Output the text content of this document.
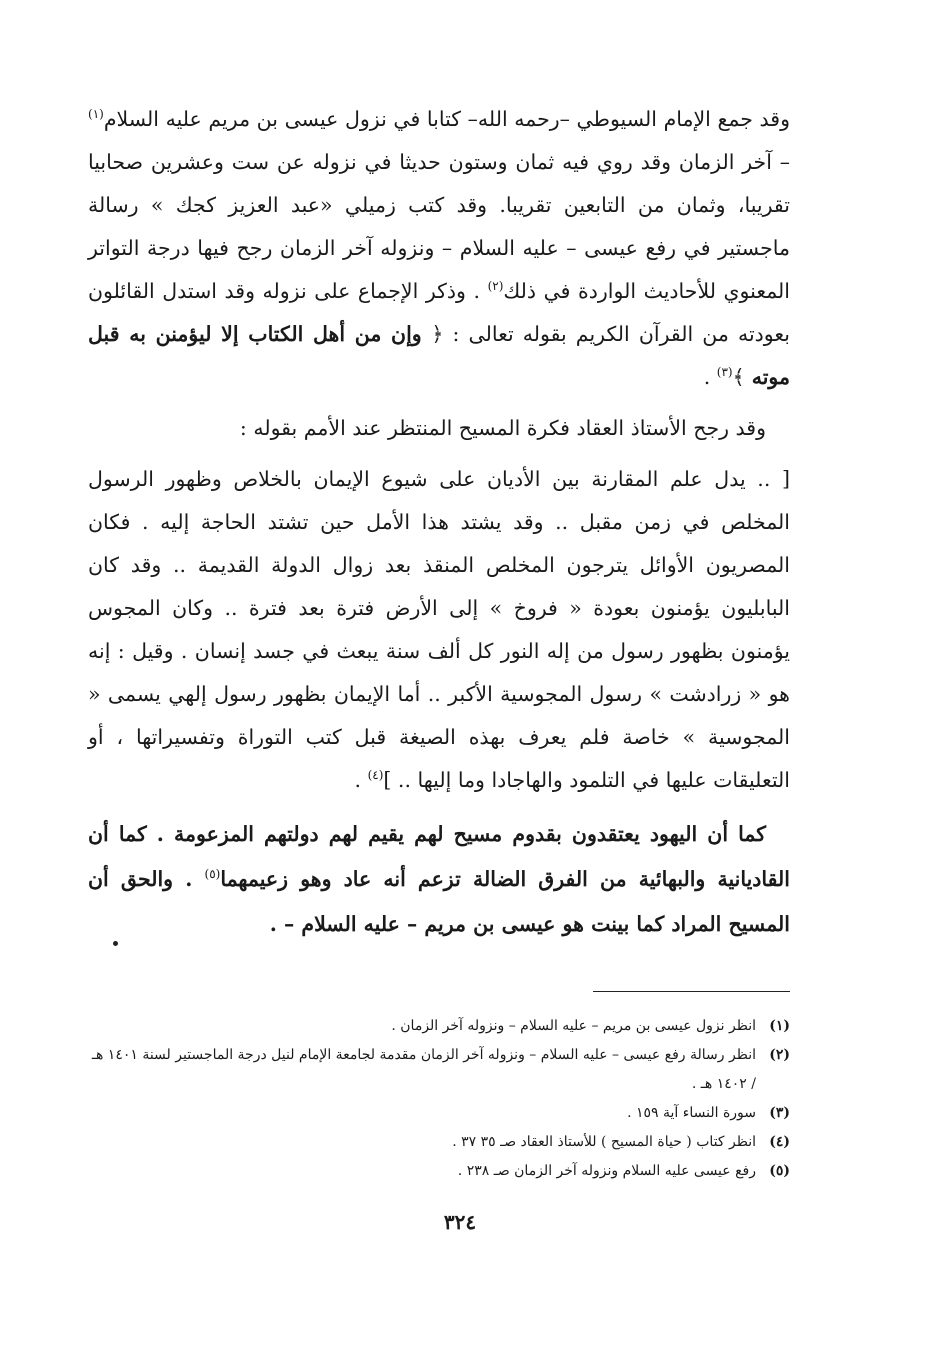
وقد جمع الإمام السيوطي –رحمه الله– كتابا في نزول عيسى بن مريم عليه السلام$^{(١)}$ – آخر الزمان وقد روي فيه ثمان وستون حديثا في نزوله عن ست وعشرين صحابيا تقريبا، وثمان من التابعين تقريبا. وقد كتب زميلي «عبد العزيز كجك » رسالة ماجستير في رفع عيسى – عليه السلام – ونزوله آخر الزمان رجح فيها درجة التواتر المعنوي للأحاديث الواردة في ذلك$^{(٢)}$ . وذكر الإجماع على نزوله وقد استدل القائلون بعودته من القرآن الكريم بقوله تعالى : ﴿ وإن من أهل الكتاب إلا ليؤمنن به قبل موته ﴾$^{(٣)}$ .

وقد رجح الأستاذ العقاد فكرة المسيح المنتظر عند الأمم بقوله :

[ .. يدل علم المقارنة بين الأديان على شيوع الإيمان بالخلاص وظهور الرسول المخلص في زمن مقبل .. وقد يشتد هذا الأمل حين تشتد الحاجة إليه . فكان المصريون الأوائل يترجون المخلص المنقذ بعد زوال الدولة القديمة .. وقد كان البابليون يؤمنون بعودة « فروخ » إلى الأرض فترة بعد فترة .. وكان المجوس يؤمنون بظهور رسول من إله النور كل ألف سنة يبعث في جسد إنسان . وقيل : إنه هو « زرادشت » رسول المجوسية الأكبر .. أما الإيمان بظهور رسول إلهي يسمى « المجوسية » خاصة فلم يعرف بهذه الصيغة قبل كتب التوراة وتفسيراتها ، أو التعليقات عليها في التلمود والهاجادا وما إليها .. ]$^{(٤)}$ .

كما أن اليهود يعتقدون بقدوم مسيح لهم يقيم لهم دولتهم المزعومة . كما أن القاديانية والبهائية من الفرق الضالة تزعم أنه عاد وهو زعيمهما$^{(٥)}$ . والحق أن المسيح المراد كما بينت هو عيسى بن مريم – عليه السلام – .

(١)
انظر نزول عيسى بن مريم – عليه السلام – ونزوله آخر الزمان .
(٢)
انظر رسالة رفع عيسى – عليه السلام – ونزوله آخر الزمان مقدمة لجامعة الإمام لنيل درجة الماجستير لسنة ١٤٠١ هـ / ١٤٠٢ هـ .
(٣)
سورة النساء آية ١٥٩ .
(٤)
انظر كتاب ( حياة المسيح ) للأستاذ العقاد صـ ٣٥ ٣٧ .
(٥)
رفع عيسى عليه السلام ونزوله آخر الزمان صـ ٢٣٨ .
٣٢٤
